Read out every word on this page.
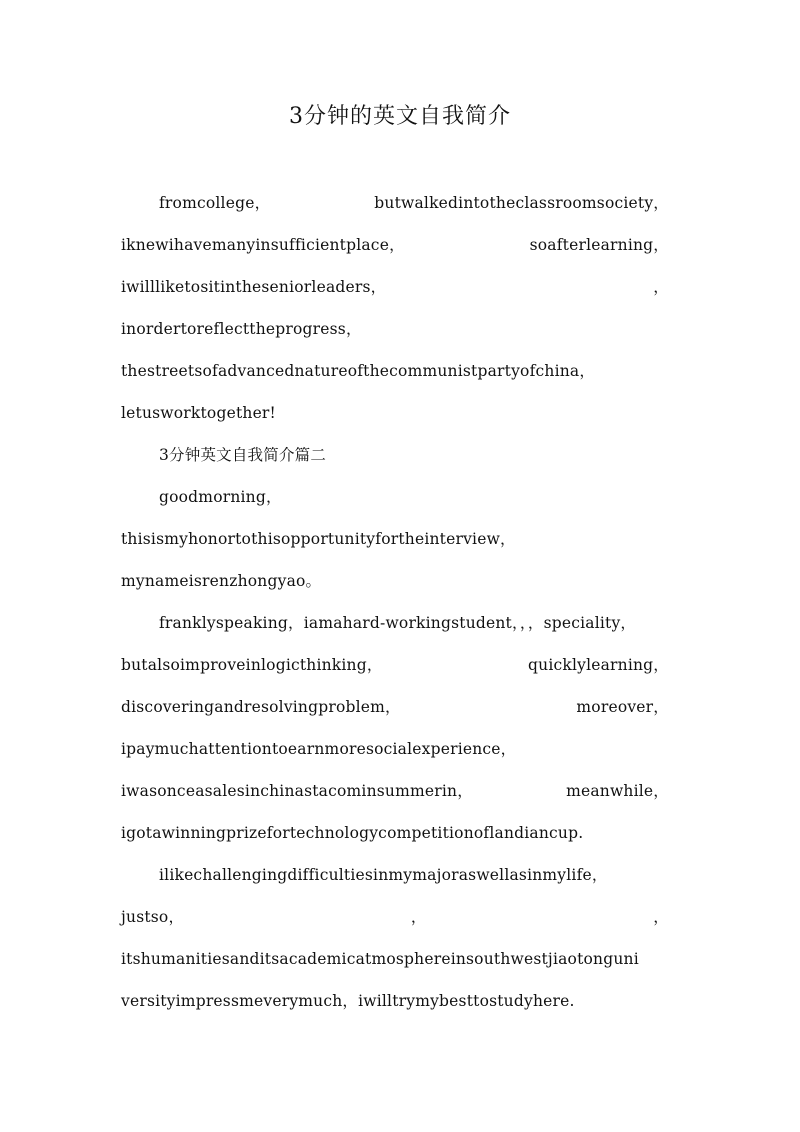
3分钟的英文自我简介
fromcollege，	butwalkedintotheclassroomsociety，
iknewihavemanyinsufficientplace，	soafterlearning，
iwillliketositintheseniorleaders，	，
inordertoreflecttheprogress，
thestreetsofadvancednatureofthecommunistpartyofchina，
letusworktogether!
3分钟英文自我简介篇二
goodmorning，
thisismyhonortothisopportunityfortheinterview，
mynameisrenzhongyao。
franklyspeaking，iamahard-workingstudent，，，speciality，
butalsoimproveinlogicthinking，	quicklylearning，
discoveringandresolvingproblem，	moreover，
ipaymuchattentiontoearnmoresocialexperience，
iwasonceasalesinchinastacominsummerin，	meanwhile，
igotawinningprizefortechnologycompetitionoflandiancup.
ilikechallengingdifficultiesinmymajoraswellasinmylife，
justso，	，	，
itshumanitiesanditsacademicatmosphereinsouthwestjiaotonguni
versityimpressmeverymuch，iwilltrymybesttostudyhere.
